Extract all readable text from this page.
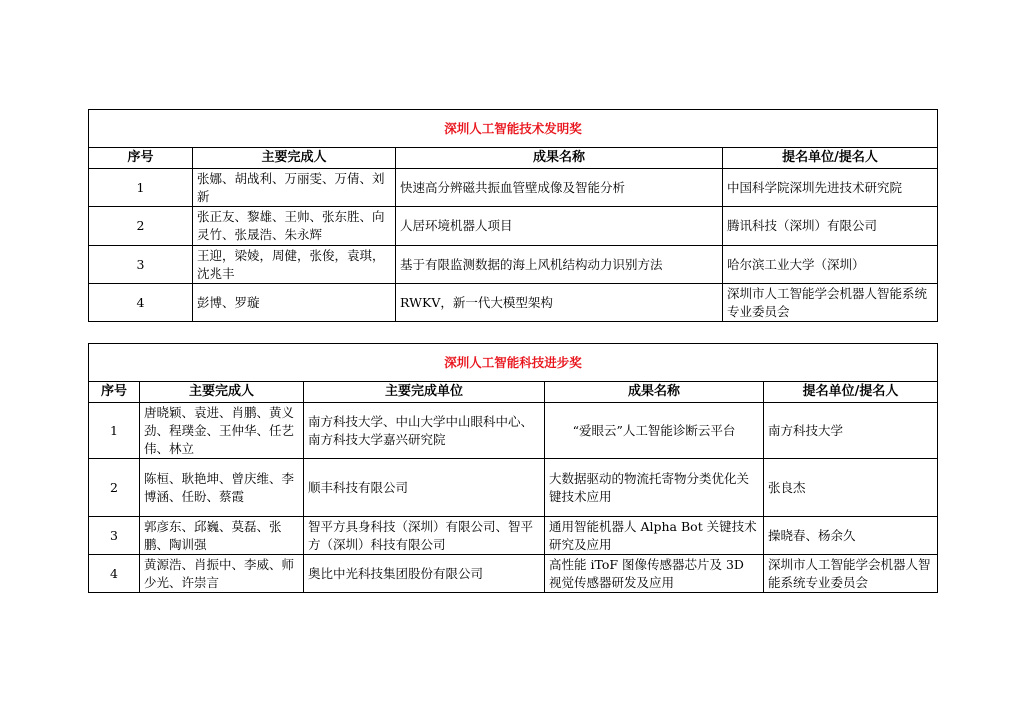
深圳人工智能技术发明奖			
序号	主要完成人	成果名称	提名单位/提名人
1	张娜、胡战利、万丽雯、万倩、刘新	快速高分辨磁共振血管壁成像及智能分析	中国科学院深圳先进技术研究院
2	张正友、黎雄、王帅、张东胜、向灵竹、张晟浩、朱永辉	人居环境机器人项目	腾讯科技（深圳）有限公司
3	王迎，梁婈，周健，张俊，袁琪，沈兆丰	基于有限监测数据的海上风机结构动力识别方法	哈尔滨工业大学（深圳）
4	彭博、罗璇	RWKV，新一代大模型架构	深圳市人工智能学会机器人智能系统专业委员会
深圳人工智能科技进步奖				
序号	主要完成人	主要完成单位	成果名称	提名单位/提名人
1	唐晓颖、袁进、肖鹏、黄义劲、程璞金、王仲华、任艺伟、林立	南方科技大学、中山大学中山眼科中心、南方科技大学嘉兴研究院	“爱眼云”人工智能诊断云平台	南方科技大学
2	陈桓、耿艳坤、曾庆维、李博涵、任盼、蔡霞	顺丰科技有限公司	大数据驱动的物流托寄物分类优化关键技术应用	张良杰
3	郭彦东、邱巍、莫磊、张鹏、陶训强	智平方具身科技（深圳）有限公司、智平方（深圳）科技有限公司	通用智能机器人 Alpha Bot 关键技术研究及应用	操晓春、杨余久
4	黄源浩、肖振中、李威、师少光、许崇言	奥比中光科技集团股份有限公司	高性能 iToF 图像传感器芯片及 3D 视觉传感器研发及应用	深圳市人工智能学会机器人智能系统专业委员会
